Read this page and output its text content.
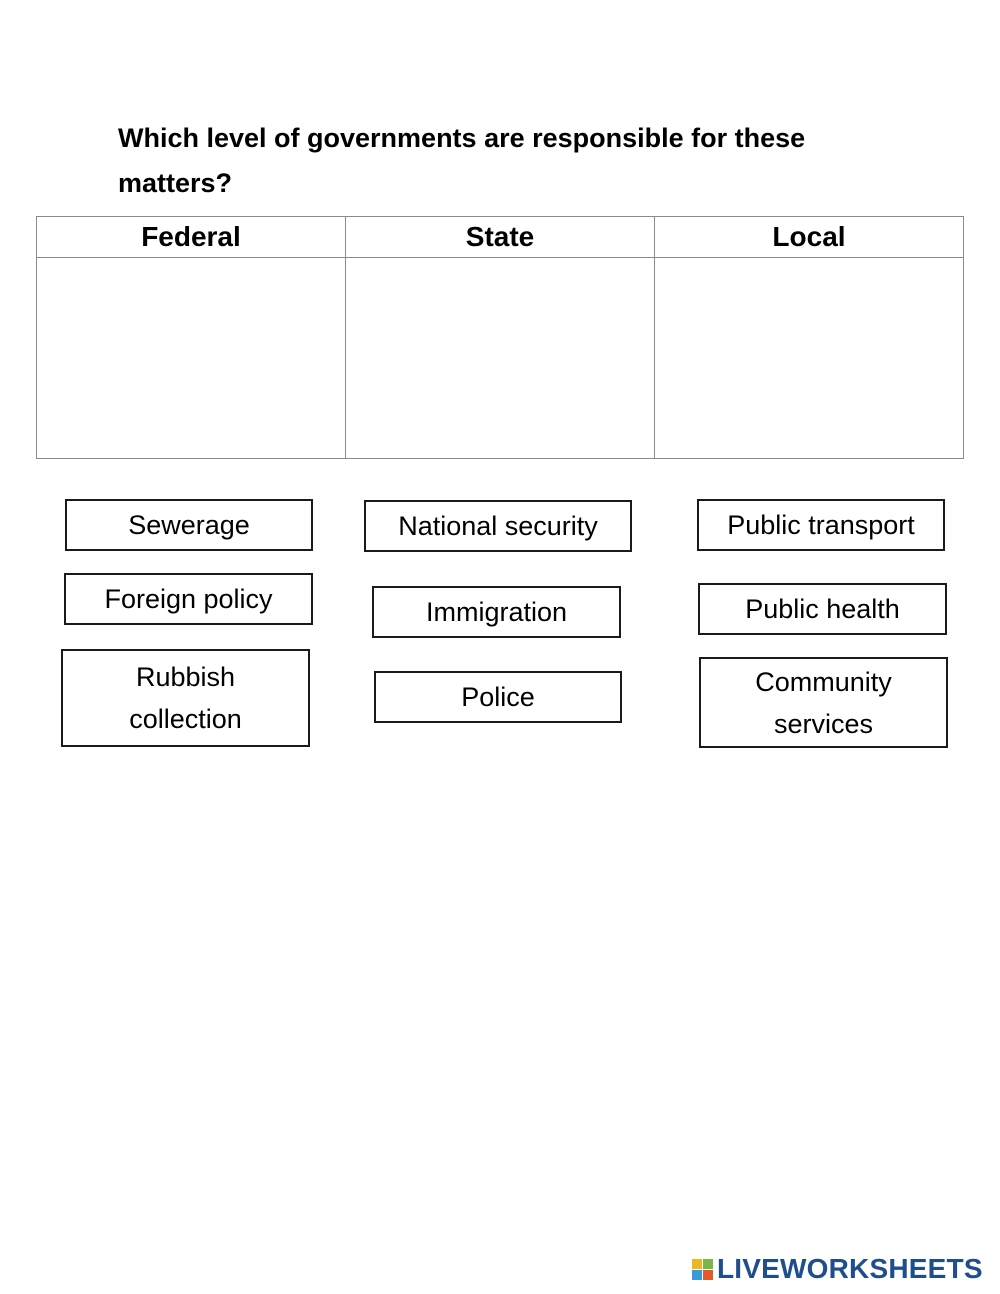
Which level of governments are responsible for these matters?
Federal	State	Local

Sewerage	National security	Public transport
Foreign policy	Immigration	Public health
Rubbish
collection
Police
Community
services
LIVEWORKSHEETS
